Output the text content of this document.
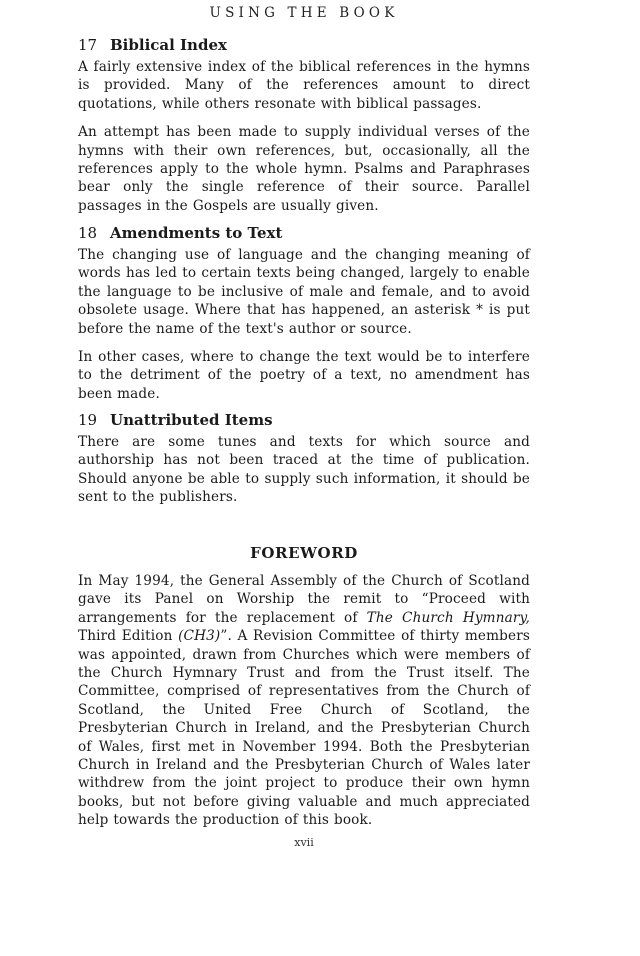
USING THE BOOK
17 Biblical Index

A fairly extensive index of the biblical references in the hymns is provided. Many of the references amount to direct quotations, while others resonate with biblical passages.

An attempt has been made to supply individual verses of the hymns with their own references, but, occasionally, all the references apply to the whole hymn. Psalms and Paraphrases bear only the single reference of their source. Parallel passages in the Gospels are usually given.

18 Amendments to Text

The changing use of language and the changing meaning of words has led to certain texts being changed, largely to enable the language to be inclusive of male and female, and to avoid obsolete usage. Where that has happened, an asterisk * is put before the name of the text's author or source.

In other cases, where to change the text would be to interfere to the detriment of the poetry of a text, no amendment has been made.

19 Unattributed Items

There are some tunes and texts for which source and authorship has not been traced at the time of publication. Should anyone be able to supply such information, it should be sent to the publishers.

FOREWORD

In May 1994, the General Assembly of the Church of Scotland gave its Panel on Worship the remit to “Proceed with arrangements for the replacement of The Church Hymnary, Third Edition (CH3)”. A Revision Committee of thirty members was appointed, drawn from Churches which were members of the Church Hymnary Trust and from the Trust itself. The Committee, comprised of representatives from the Church of Scotland, the United Free Church of Scotland, the Presbyterian Church in Ireland, and the Presbyterian Church of Wales, first met in November 1994. Both the Presbyterian Church in Ireland and the Presbyterian Church of Wales later withdrew from the joint project to produce their own hymn books, but not before giving valuable and much appreciated help towards the production of this book.

xvii
